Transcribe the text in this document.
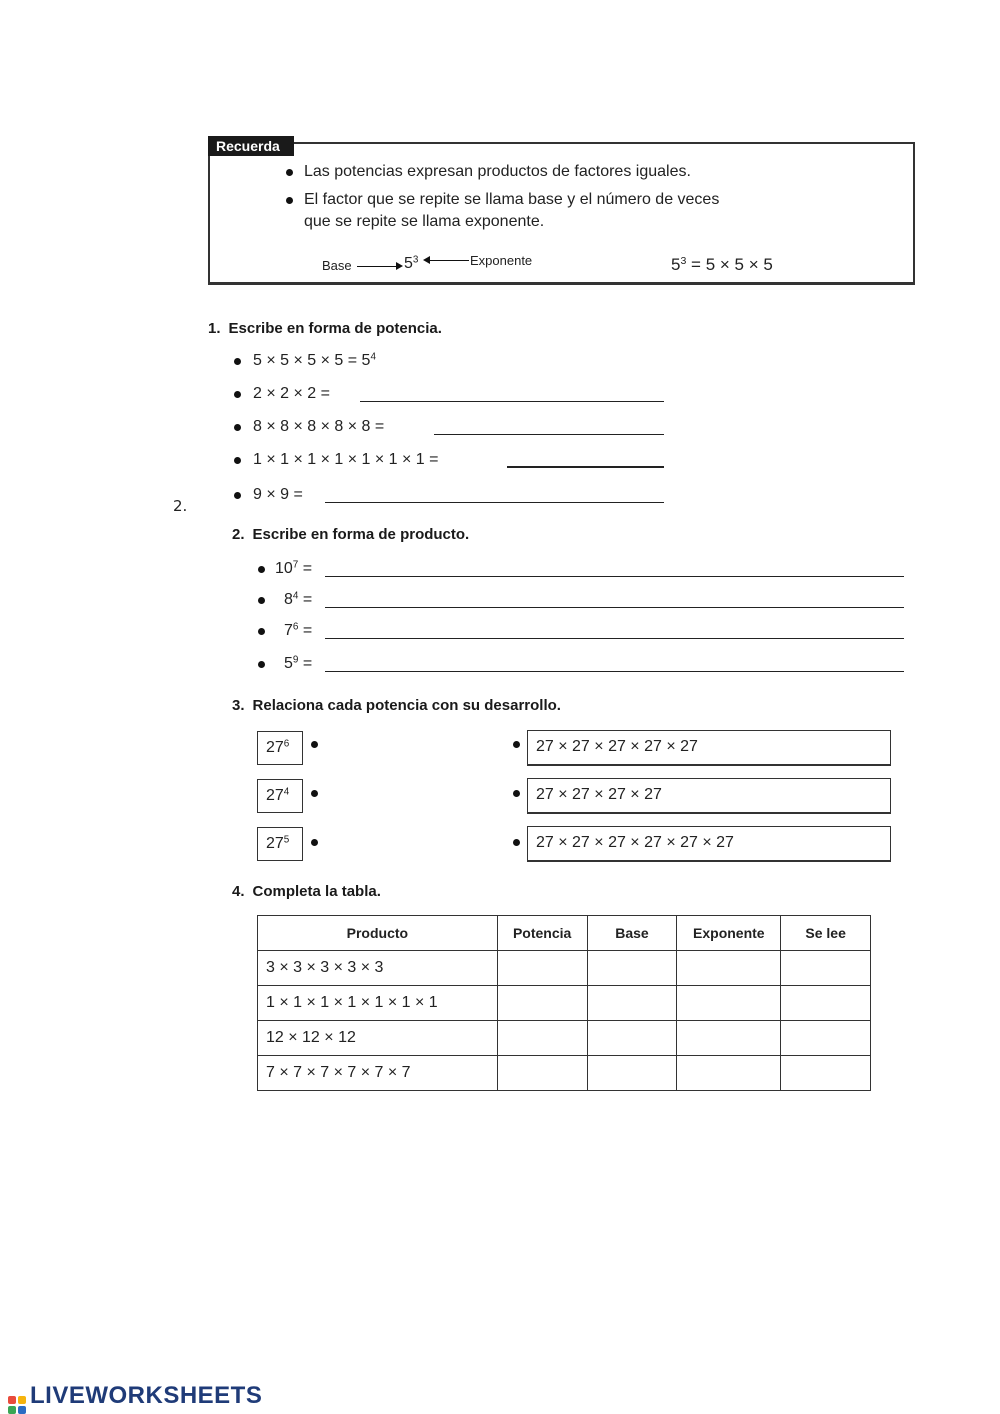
Recuerda
Las potencias expresan productos de factores iguales.
El factor que se repite se llama base y el número de veces
que se repite se llama exponente.
Base	$5^3$	Exponente	$5^3 = 5 \times 5 \times 5$
1. Escribe en forma de potencia.
$5 \times 5 \times 5 \times 5 = 5^4$
2 × 2 × 2 =
8 × 8 × 8 × 8 × 8 =
1 × 1 × 1 × 1 × 1 × 1 × 1 =
2.
9 × 9 =
2. Escribe en forma de producto.
$10^7$ =
$8^4$ =
$7^6$ =
$5^9$ =
3. Relaciona cada potencia con su desarrollo.
$27^6$	27 × 27 × 27 × 27 × 27
$27^4$	27 × 27 × 27 × 27
$27^5$	27 × 27 × 27 × 27 × 27 × 27
4. Completa la tabla.
Producto	Potencia	Base	Exponente	Se lee
3 × 3 × 3 × 3 × 3				
1 × 1 × 1 × 1 × 1 × 1 × 1				
12 × 12 × 12				
7 × 7 × 7 × 7 × 7 × 7				
LIVEWORKSHEETS
